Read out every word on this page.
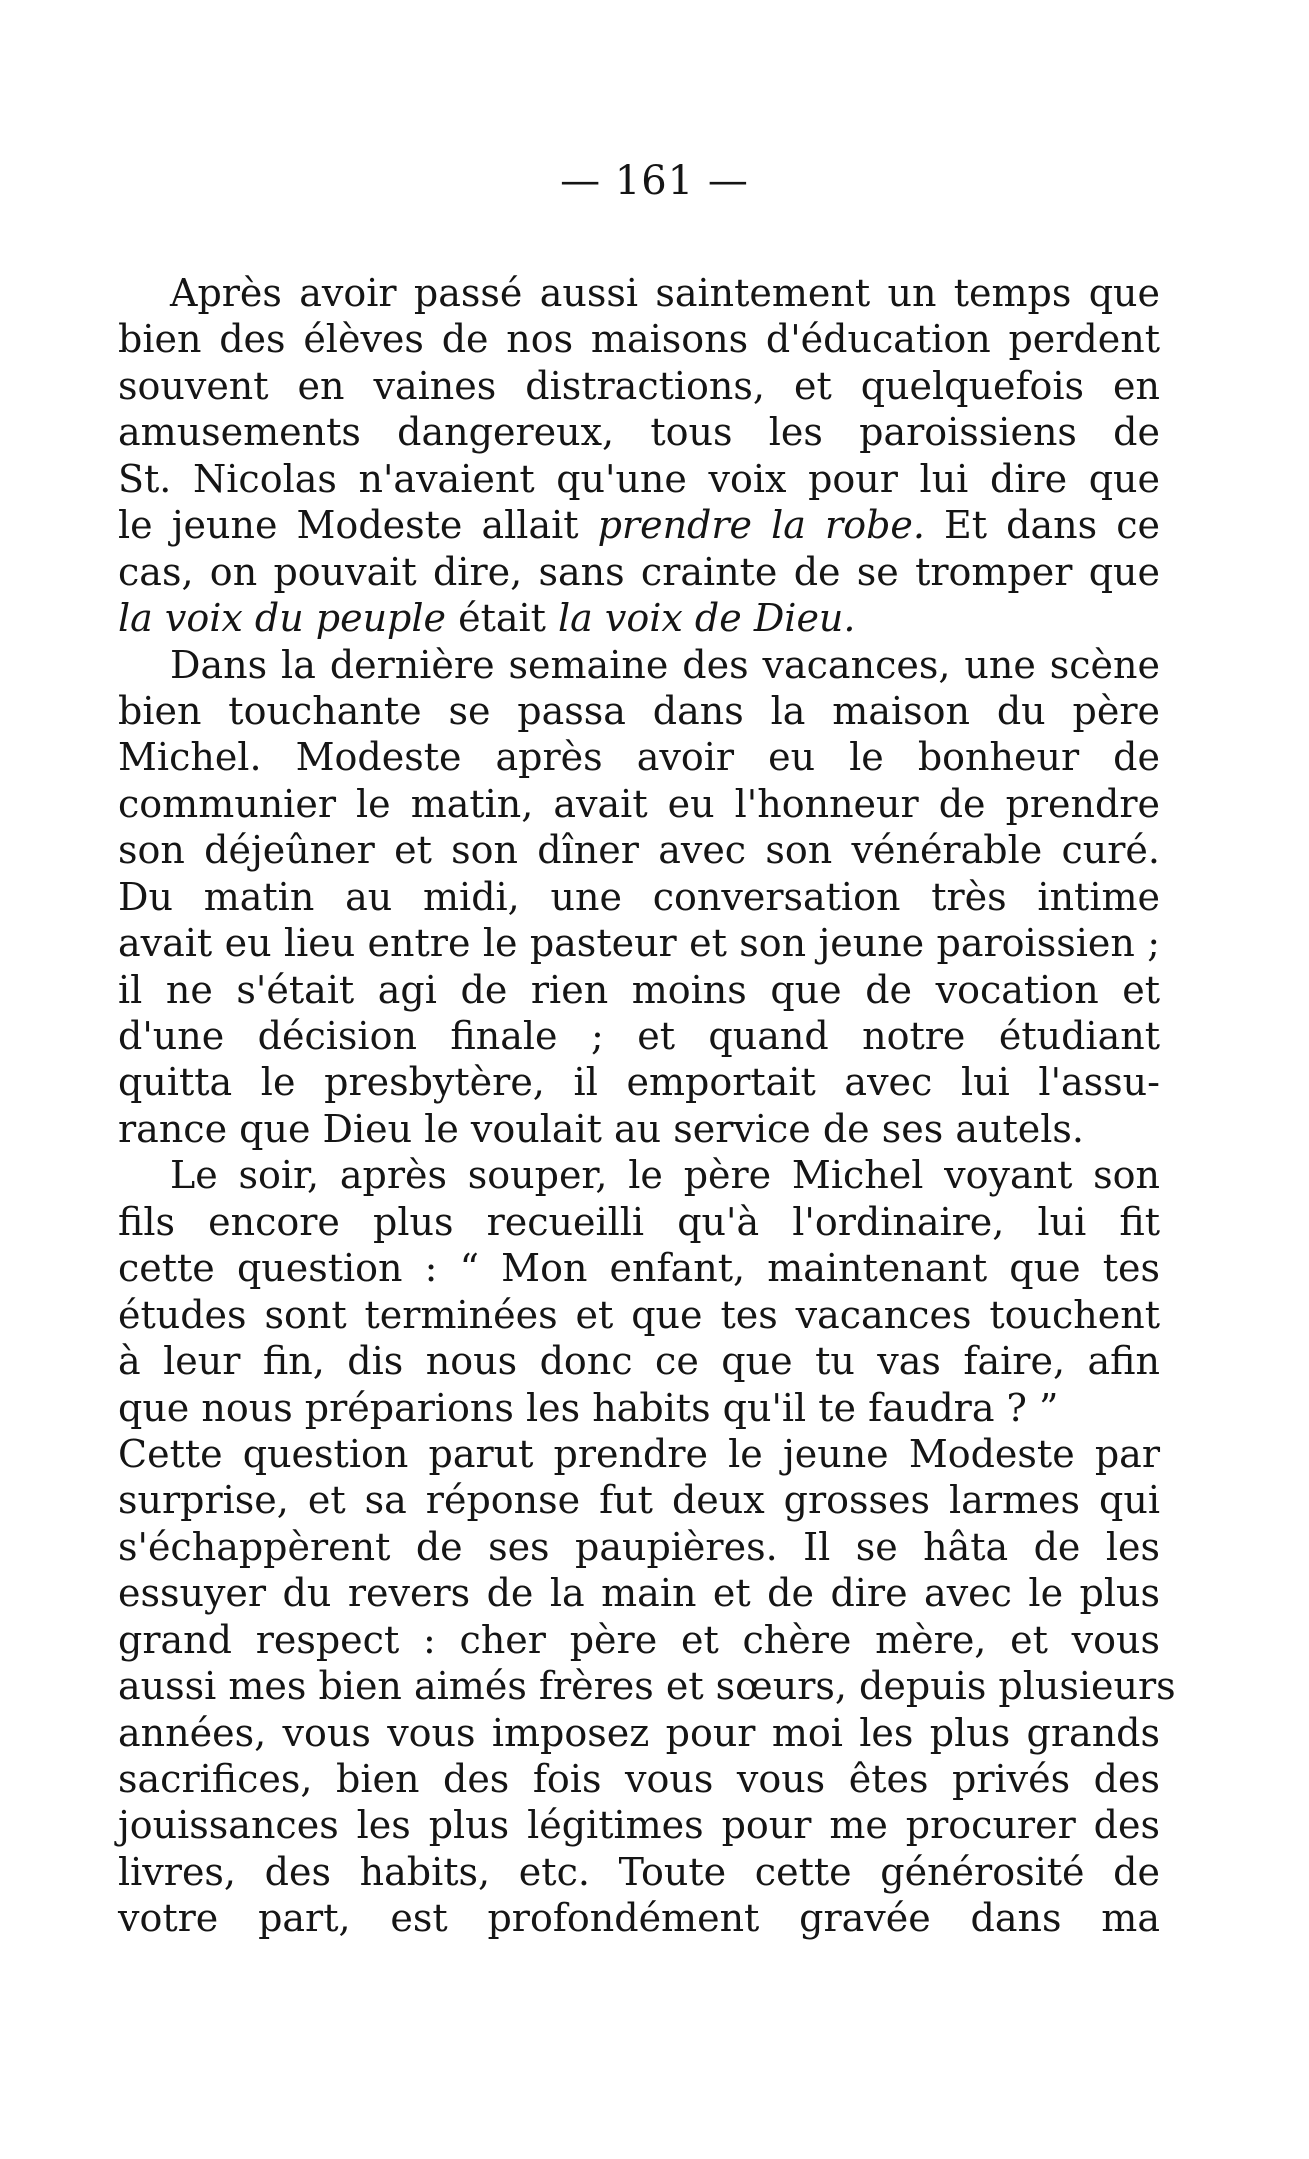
— 161 —
Après avoir passé aussi saintement un temps que
bien des élèves de nos maisons d'éducation perdent
souvent en vaines distractions, et quelquefois en
amusements dangereux, tous les paroissiens de
St. Nicolas n'avaient qu'une voix pour lui dire que
le jeune Modeste allait prendre la robe. Et dans ce
cas, on pouvait dire, sans crainte de se tromper que
la voix du peuple était la voix de Dieu.
Dans la dernière semaine des vacances, une scène
bien touchante se passa dans la maison du père
Michel. Modeste après avoir eu le bonheur de
communier le matin, avait eu l'honneur de prendre
son déjeûner et son dîner avec son vénérable curé.
Du matin au midi, une conversation très intime
avait eu lieu entre le pasteur et son jeune paroissien ;
il ne s'était agi de rien moins que de vocation et
d'une décision finale ; et quand notre étudiant
quitta le presbytère, il emportait avec lui l'assu-
rance que Dieu le voulait au service de ses autels.
Le soir, après souper, le père Michel voyant son
fils encore plus recueilli qu'à l'ordinaire, lui fit
cette question : “ Mon enfant, maintenant que tes
études sont terminées et que tes vacances touchent
à leur fin, dis nous donc ce que tu vas faire, afin
que nous préparions les habits qu'il te faudra ? ”
Cette question parut prendre le jeune Modeste par
surprise, et sa réponse fut deux grosses larmes qui
s'échappèrent de ses paupières. Il se hâta de les
essuyer du revers de la main et de dire avec le plus
grand respect : cher père et chère mère, et vous
aussi mes bien aimés frères et sœurs, depuis plusieurs
années, vous vous imposez pour moi les plus grands
sacrifices, bien des fois vous vous êtes privés des
jouissances les plus légitimes pour me procurer des
livres, des habits, etc. Toute cette générosité de
votre part, est profondément gravée dans ma
